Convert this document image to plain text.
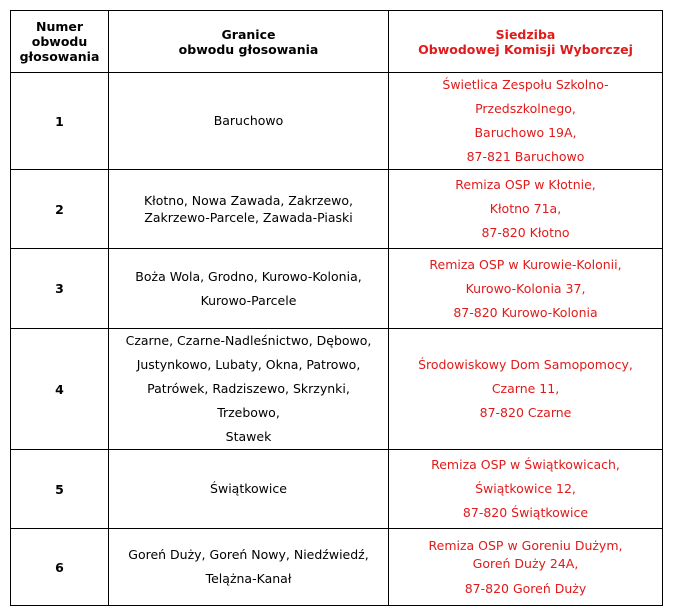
Numer
obwodu
głosowania	Granice
obwodu głosowania	Siedziba
Obwodowej Komisji Wyborczej

1	Baruchowo	Świetlica Zespołu Szkolno-Przedszkolnego,
Baruchowo 19A,
87-821 Baruchowo

2	Kłotno, Nowa Zawada, Zakrzewo,
Zakrzewo-Parcele, Zawada-Piaski	Remiza OSP w Kłotnie,
Kłotno 71a,
87-820 Kłotno

3	Boża Wola, Grodno, Kurowo-Kolonia,
Kurowo-Parcele	Remiza OSP w Kurowie-Kolonii,
Kurowo-Kolonia 37,
87-820 Kurowo-Kolonia

4	Czarne, Czarne-Nadleśnictwo, Dębowo,
Justynkowo, Lubaty, Okna, Patrowo,
Patrówek, Radziszewo, Skrzynki, Trzebowo,
Stawek	Środowiskowy Dom Samopomocy,
Czarne 11,
87-820 Czarne

5	Świątkowice	Remiza OSP w Świątkowicach,
Świątkowice 12,
87-820 Świątkowice

6	Goreń Duży, Goreń Nowy, Niedźwiedź,
Telążna-Kanał	Remiza OSP w Goreniu Dużym,
Goreń Duży 24A,
87-820 Goreń Duży
